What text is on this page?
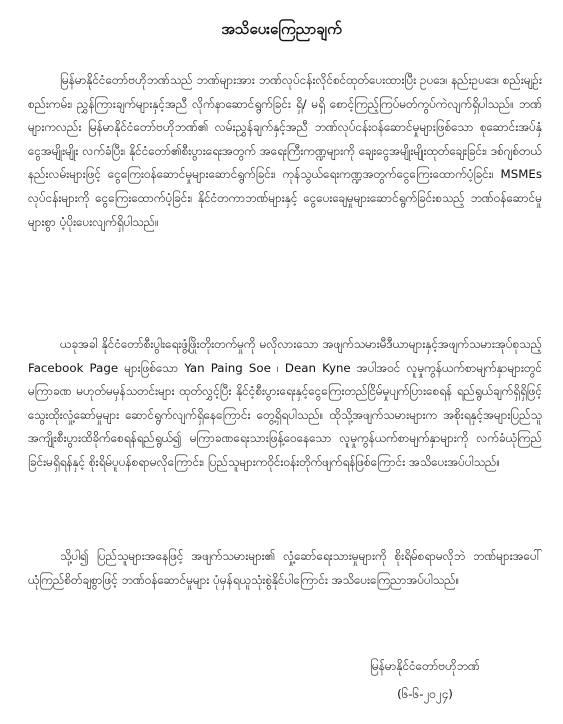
အသိပေးကြေညာချက်

မြန်မာနိုင်ငံတော်ဗဟိုဘဏ်သည် ဘဏ်များအား ဘဏ်လုပ်ငန်းလိုင်စင်ထုတ်ပေးထားပြီး ဥပဒေ၊ နည်းဥပဒေ၊ စည်းမျဉ်းစည်းကမ်း၊ ညွှန်ကြားချက်များနှင့်အညီ လိုက်နာဆောင်ရွက်ခြင်း ရှိ/ မရှိ စောင့်ကြည့်ကြပ်မတ်ကွပ်ကဲလျက်ရှိပါသည်။ ဘဏ်များကလည်း မြန်မာနိုင်ငံတော်ဗဟိုဘဏ်၏ လမ်းညွှန်ချက်နှင့်အညီ ဘဏ်လုပ်ငန်းဝန်ဆောင်မှုများဖြစ်သော စုဆောင်းအပ်နှံငွေအမျိုးမျိုး လက်ခံပြီး၊ နိုင်ငံတော်၏စီးပွားရေးအတွက် အရေးကြီးကဏ္ဍများကို ချေးငွေအမျိုးမျိုးထုတ်ချေးခြင်း၊ ဒစ်ဂျစ်တယ်နည်းလမ်းများဖြင့် ငွေကြေးဝန်ဆောင်မှုများဆောင်ရွက်ခြင်း၊ ကုန်သွယ်ရေးကဏ္ဍအတွက်ငွေကြေးထောက်ပံ့ခြင်း၊ MSMEs လုပ်ငန်းများကို ငွေကြေးထောက်ပံ့ခြင်း၊ နိုင်ငံတကာဘဏ်များနှင့် ငွေပေးချေမှုများဆောင်ရွက်ခြင်းစသည့် ဘဏ်ဝန်ဆောင်မှုများစွာ ပံ့ပိုးပေးလျက်ရှိပါသည်။

ယခုအခါ နိုင်ငံတော်စီးပွါးရေးဖွံ့ဖြိုးတိုးတက်မှုကို မလိုလားသော အဖျက်သမားမီဒီယာများနှင့်အဖျက်သမားအုပ်စုသည့် Facebook Page များဖြစ်သော Yan Paing Soe ၊ Dean Kyne အပါအဝင် လူမှုကွန်ယက်စာမျက်နှာများတွင် မကြာခဏ မဟုတ်မမှန်သတင်းများ ထုတ်လွှင့်ပြီး နိုင်ငံ့စီးပွားရေးနှင့်ငွေကြေးတည်ငြိမ်မှုပျက်ပြားစေရန် ရည်ရွယ်ချက်ရှိရှိဖြင့် သွေးထိုးလှုံ့ဆော်မှုများ ဆောင်ရွက်လျက်ရှိနေကြောင်း တွေ့ရှိရပါသည်။ ထိုသို့အဖျက်သမားများက အစိုးရနှင့်အများပြည်သူအကျိုးစီးပွားထိခိုက်စေရန်ရည်ရွယ်၍ မကြာခဏရေးသားဖြန့်ဝေနေသော လူမှုကွန်ယက်စာမျက်နှာများကို လက်ခံယုံကြည်ခြင်းမရှိရန်နှင့် စိုးရိမ်ပူပန်စရာမလိုကြောင်း၊ ပြည်သူများကဝိုင်းဝန်းတိုက်ဖျက်ရန်ဖြစ်ကြောင်း အသိပေးအပ်ပါသည်။

သို့ပါ၍ ပြည်သူများအနေဖြင့် အဖျက်သမားများ၏ လှုံ့ဆော်ရေးသားမှုများကို စိုးရိမ်စရာမလိုဘဲ ဘဏ်များအပေါ်ယုံကြည်စိတ်ချစွာဖြင့် ဘဏ်ဝန်ဆောင်မှုများ ပုံမှန်ရယူသုံးစွဲနိုင်ပါကြောင်း အသိပေးကြေညာအပ်ပါသည်။

မြန်မာနိုင်ငံတော်ဗဟိုဘဏ်
(၆-၆-၂၀၂၄)
